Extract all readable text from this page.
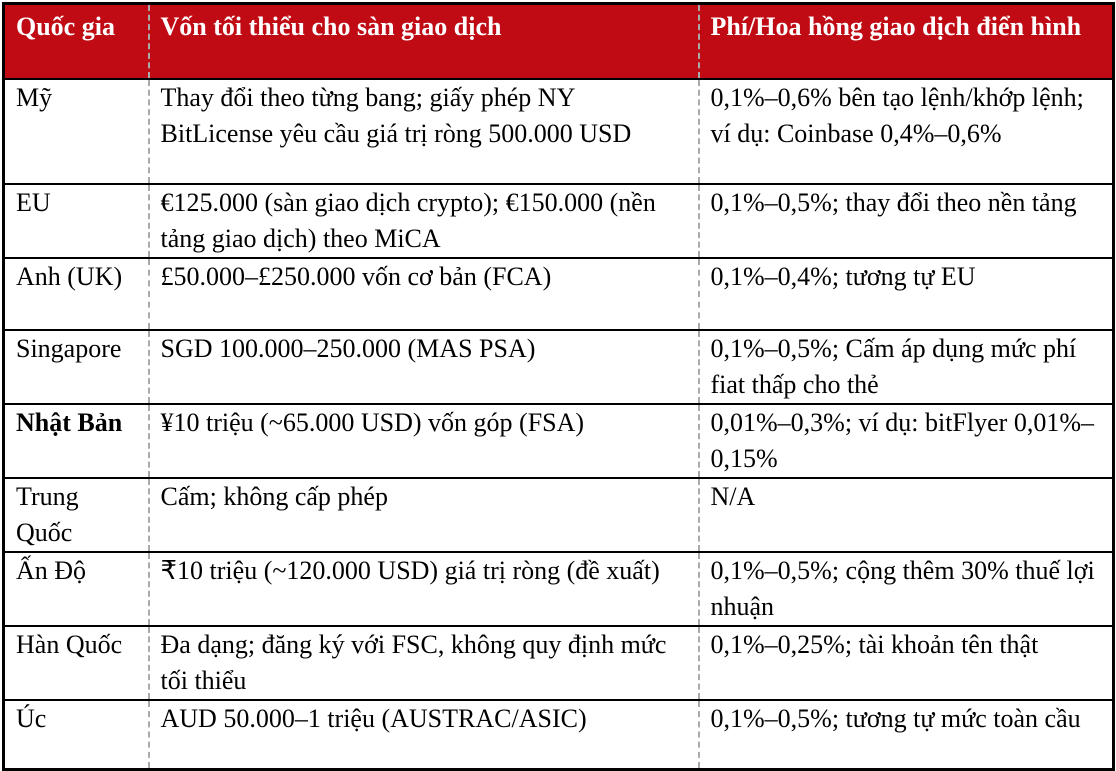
Quốc gia	Vốn tối thiểu cho sàn giao dịch	Phí/Hoa hồng giao dịch điển hình
Mỹ	Thay đổi theo từng bang; giấy phép NY BitLicense yêu cầu giá trị ròng 500.000 USD	0,1%–0,6% bên tạo lệnh/khớp lệnh; ví dụ: Coinbase 0,4%–0,6%
EU	€125.000 (sàn giao dịch crypto); €150.000 (nền tảng giao dịch) theo MiCA	0,1%–0,5%; thay đổi theo nền tảng
Anh (UK)	£50.000–£250.000 vốn cơ bản (FCA)	0,1%–0,4%; tương tự EU
Singapore	SGD 100.000–250.000 (MAS PSA)	0,1%–0,5%; Cấm áp dụng mức phí fiat thấp cho thẻ
Nhật Bản	¥10 triệu (~65.000 USD) vốn góp (FSA)	0,01%–0,3%; ví dụ: bitFlyer 0,01%–0,15%
Trung Quốc	Cấm; không cấp phép	N/A
Ấn Độ	₹10 triệu (~120.000 USD) giá trị ròng (đề xuất)	0,1%–0,5%; cộng thêm 30% thuế lợi nhuận
Hàn Quốc	Đa dạng; đăng ký với FSC, không quy định mức tối thiểu	0,1%–0,25%; tài khoản tên thật
Úc	AUD 50.000–1 triệu (AUSTRAC/ASIC)	0,1%–0,5%; tương tự mức toàn cầu
